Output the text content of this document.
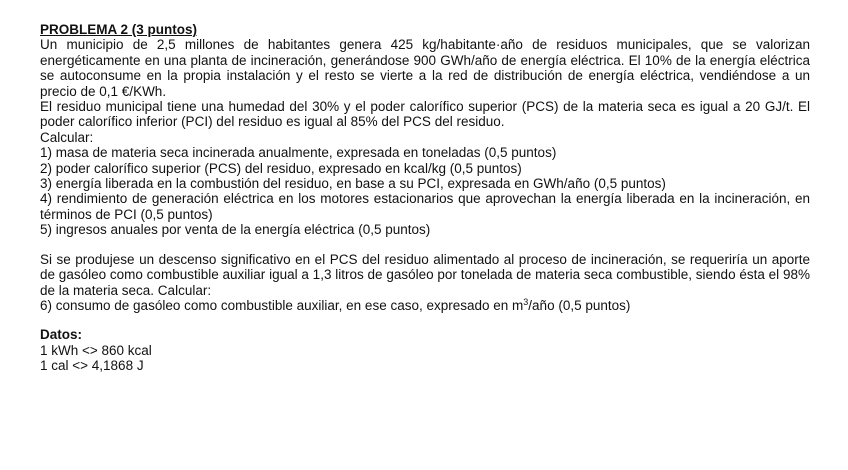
PROBLEMA 2 (3 puntos)

Un municipio de 2,5 millones de habitantes genera 425 kg/habitante·año de residuos municipales, que se valorizan energéticamente en una planta de incineración, generándose 900 GWh/año de energía eléctrica. El 10% de la energía eléctrica se autoconsume en la propia instalación y el resto se vierte a la red de distribución de energía eléctrica, vendiéndose a un precio de 0,1 €/KWh.

El residuo municipal tiene una humedad del 30% y el poder calorífico superior (PCS) de la materia seca es igual a 20 GJ/t. El poder calorífico inferior (PCI) del residuo es igual al 85% del PCS del residuo.

Calcular:

1) masa de materia seca incinerada anualmente, expresada en toneladas (0,5 puntos)

2) poder calorífico superior (PCS) del residuo, expresado en kcal/kg (0,5 puntos)

3) energía liberada en la combustión del residuo, en base a su PCI, expresada en GWh/año (0,5 puntos)

4) rendimiento de generación eléctrica en los motores estacionarios que aprovechan la energía liberada en la incineración, en términos de PCI (0,5 puntos)

5) ingresos anuales por venta de la energía eléctrica (0,5 puntos)

Si se produjese un descenso significativo en el PCS del residuo alimentado al proceso de incineración, se requeriría un aporte de gasóleo como combustible auxiliar igual a 1,3 litros de gasóleo por tonelada de materia seca combustible, siendo ésta el 98% de la materia seca. Calcular:

6) consumo de gasóleo como combustible auxiliar, en ese caso, expresado en $m^3$/año (0,5 puntos)

Datos:

1 kWh <> 860 kcal

1 cal <> 4,1868 J
